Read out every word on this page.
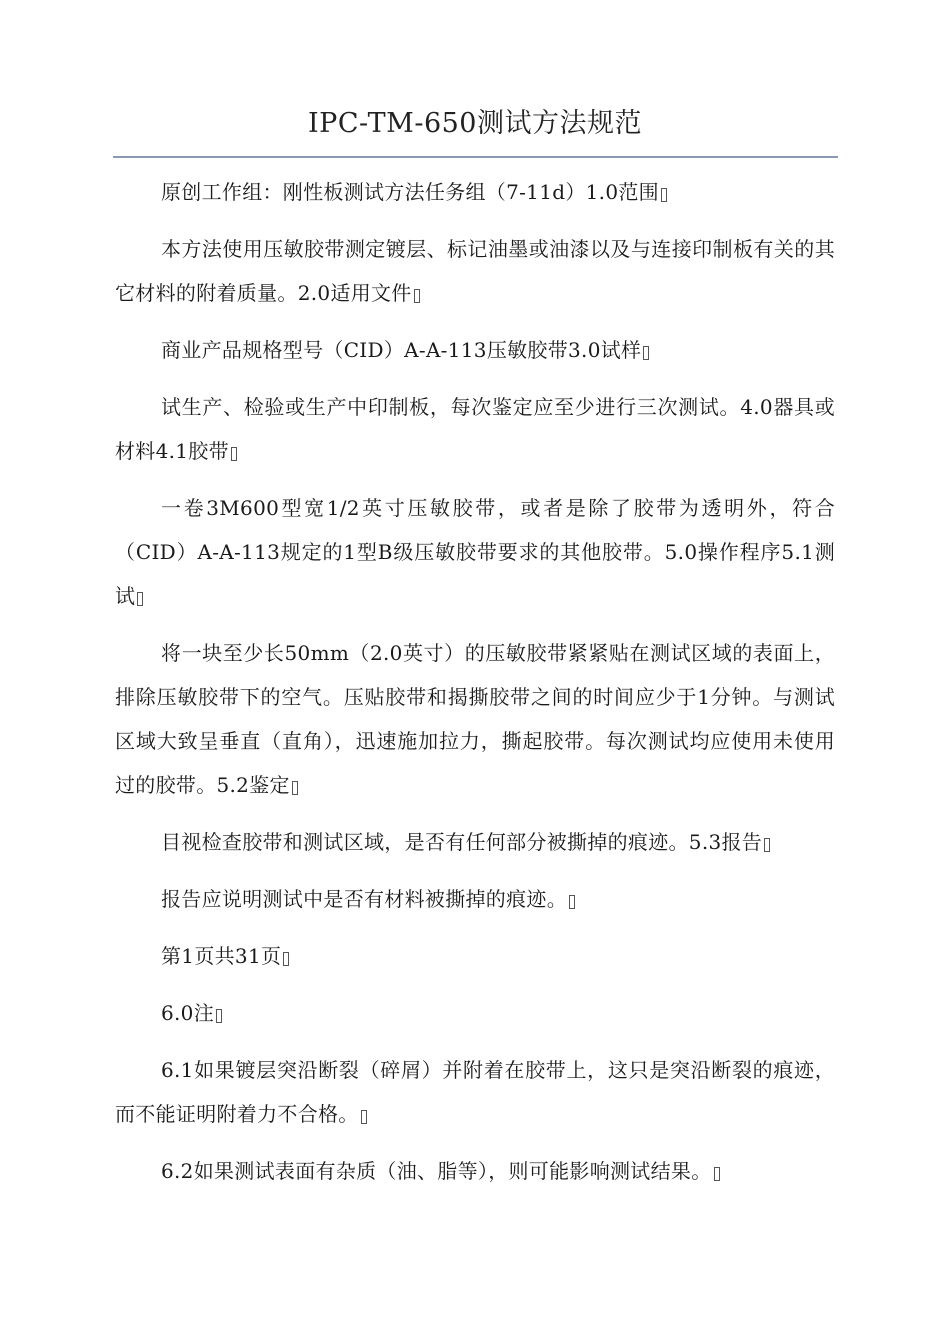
IPC-TM-650测试方法规范

原创工作组：刚性板测试方法任务组（7-11d）1.0范围

本方法使用压敏胶带测定镀层、标记油墨或油漆以及与连接印制板有关的其它材料的附着质量。2.0适用文件

商业产品规格型号（CID）A-A-113压敏胶带3.0试样

试生产、检验或生产中印制板，每次鉴定应至少进行三次测试。4.0器具或材料4.1胶带

一卷3M600型宽1/2英寸压敏胶带，或者是除了胶带为透明外，符合（CID）A-A-113规定的1型B级压敏胶带要求的其他胶带。5.0操作程序5.1测试

将一块至少长50mm（2.0英寸）的压敏胶带紧紧贴在测试区域的表面上，排除压敏胶带下的空气。压贴胶带和揭撕胶带之间的时间应少于1分钟。与测试区域大致呈垂直（直角），迅速施加拉力，撕起胶带。每次测试均应使用未使用过的胶带。5.2鉴定

目视检查胶带和测试区域，是否有任何部分被撕掉的痕迹。5.3报告

报告应说明测试中是否有材料被撕掉的痕迹。

第1页共31页

6.0注

6.1如果镀层突沿断裂（碎屑）并附着在胶带上，这只是突沿断裂的痕迹，而不能证明附着力不合格。

6.2如果测试表面有杂质（油、脂等），则可能影响测试结果。
